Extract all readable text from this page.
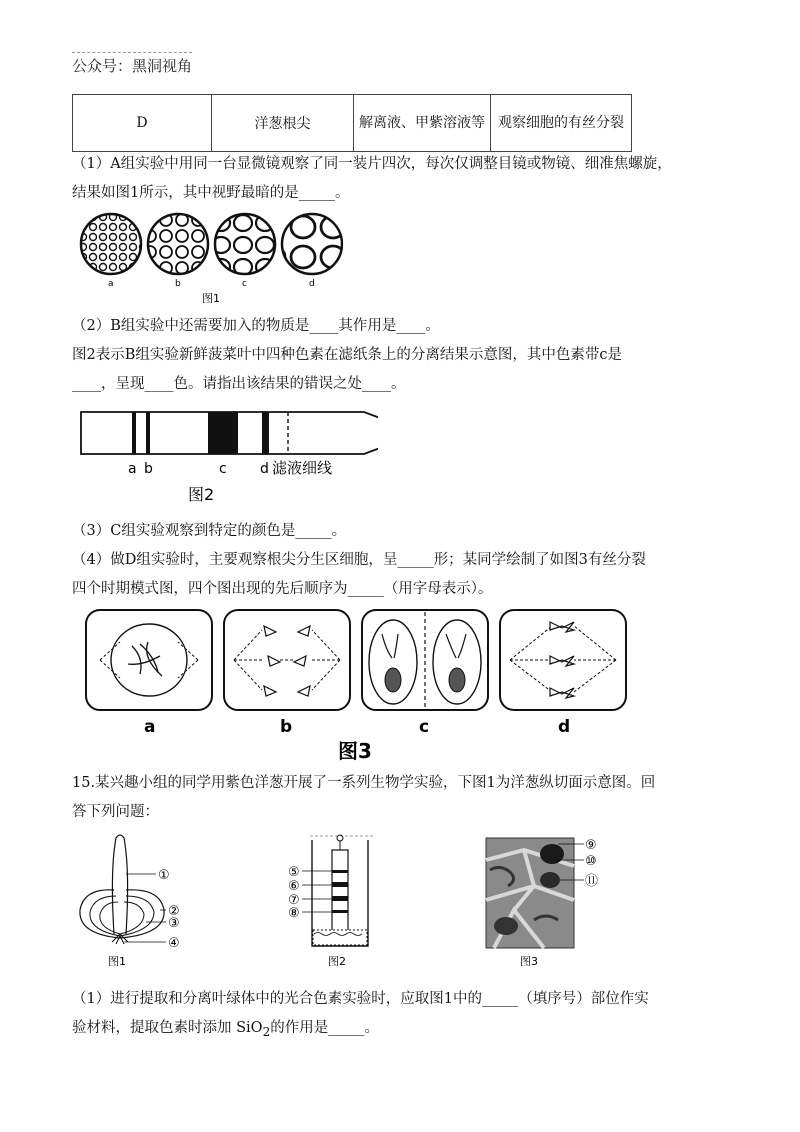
公众号：黑洞视角
D	洋葱根尖	解离液、甲紫溶液等	观察细胞的有丝分裂
（1）A组实验中用同一台显微镜观察了同一装片四次，每次仅调整目镜或物镜、细准焦螺旋，
结果如图1所示，其中视野最暗的是_____。
a	b	c	d
图1
（2）B组实验中还需要加入的物质是____其作用是____。
图2表示B组实验新鲜菠菜叶中四种色素在滤纸条上的分离结果示意图，其中色素带c是
____，呈现____色。请指出该结果的错误之处____。
a b	c d 滤液细线
图2
（3）C组实验观察到特定的颜色是_____。
（4）做D组实验时，主要观察根尖分生区细胞，呈_____形；某同学绘制了如图3有丝分裂
四个时期模式图，四个图出现的先后顺序为_____（用字母表示）。
a	b	c	d
图3
15.某兴趣小组的同学用紫色洋葱开展了一系列生物学实验，下图1为洋葱纵切面示意图。回
答下列问题：
①
②
③
④
图1
⑤
⑥
⑦
⑧
图2
⑨
⑩
⑪
图3
（1）进行提取和分离叶绿体中的光合色素实验时，应取图1中的_____（填序号）部位作实
验材料，提取色素时添加 SiO$_2$的作用是_____。
